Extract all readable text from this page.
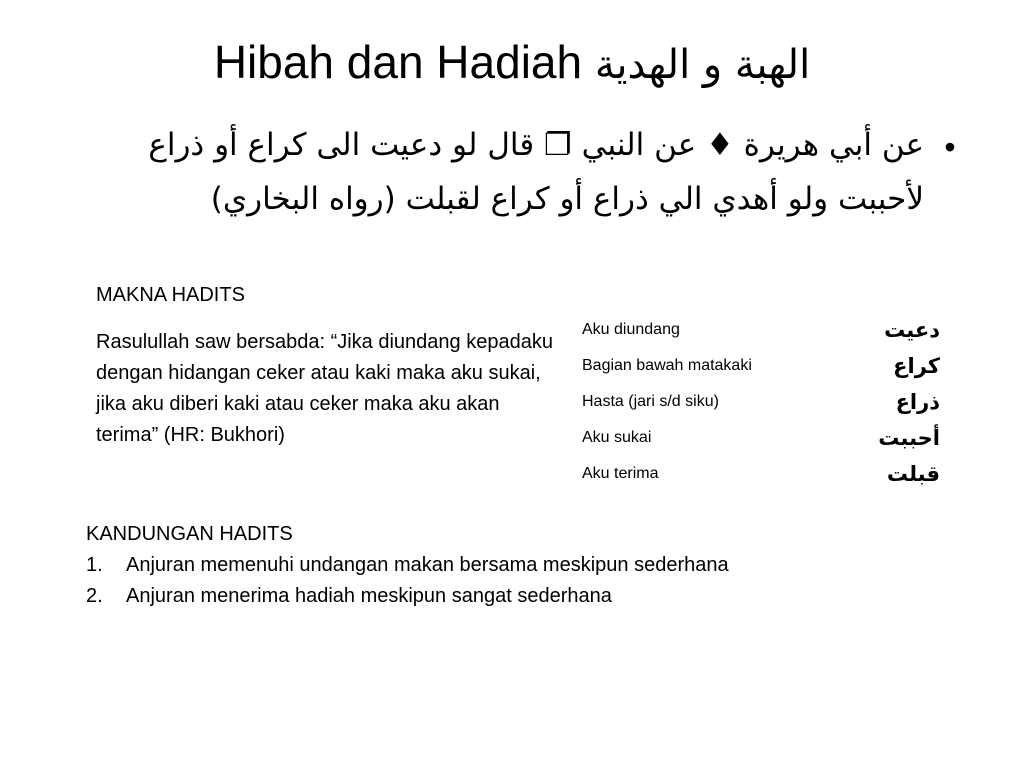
Hibah dan Hadiah الهبة و الهدية
•
عن أبي هريرة ♦ عن النبي ❐ قال لو دعيت الى كراع أو ذراع لأحببت ولو أهدي الي ذراع أو كراع لقبلت (رواه البخاري)
MAKNA HADITS
Rasulullah saw bersabda: “Jika diundang kepadaku dengan hidangan ceker atau kaki maka aku sukai, jika aku diberi kaki atau ceker maka aku akan terima” (HR: Bukhori)
Aku diundang	دعيت
Bagian bawah matakaki	كراع
Hasta (jari s/d siku)	ذراع
Aku sukai	أحببت
Aku terima	قبلت
KANDUNGAN HADITS
1.	Anjuran memenuhi undangan makan bersama meskipun sederhana
2.	Anjuran menerima hadiah meskipun sangat sederhana
